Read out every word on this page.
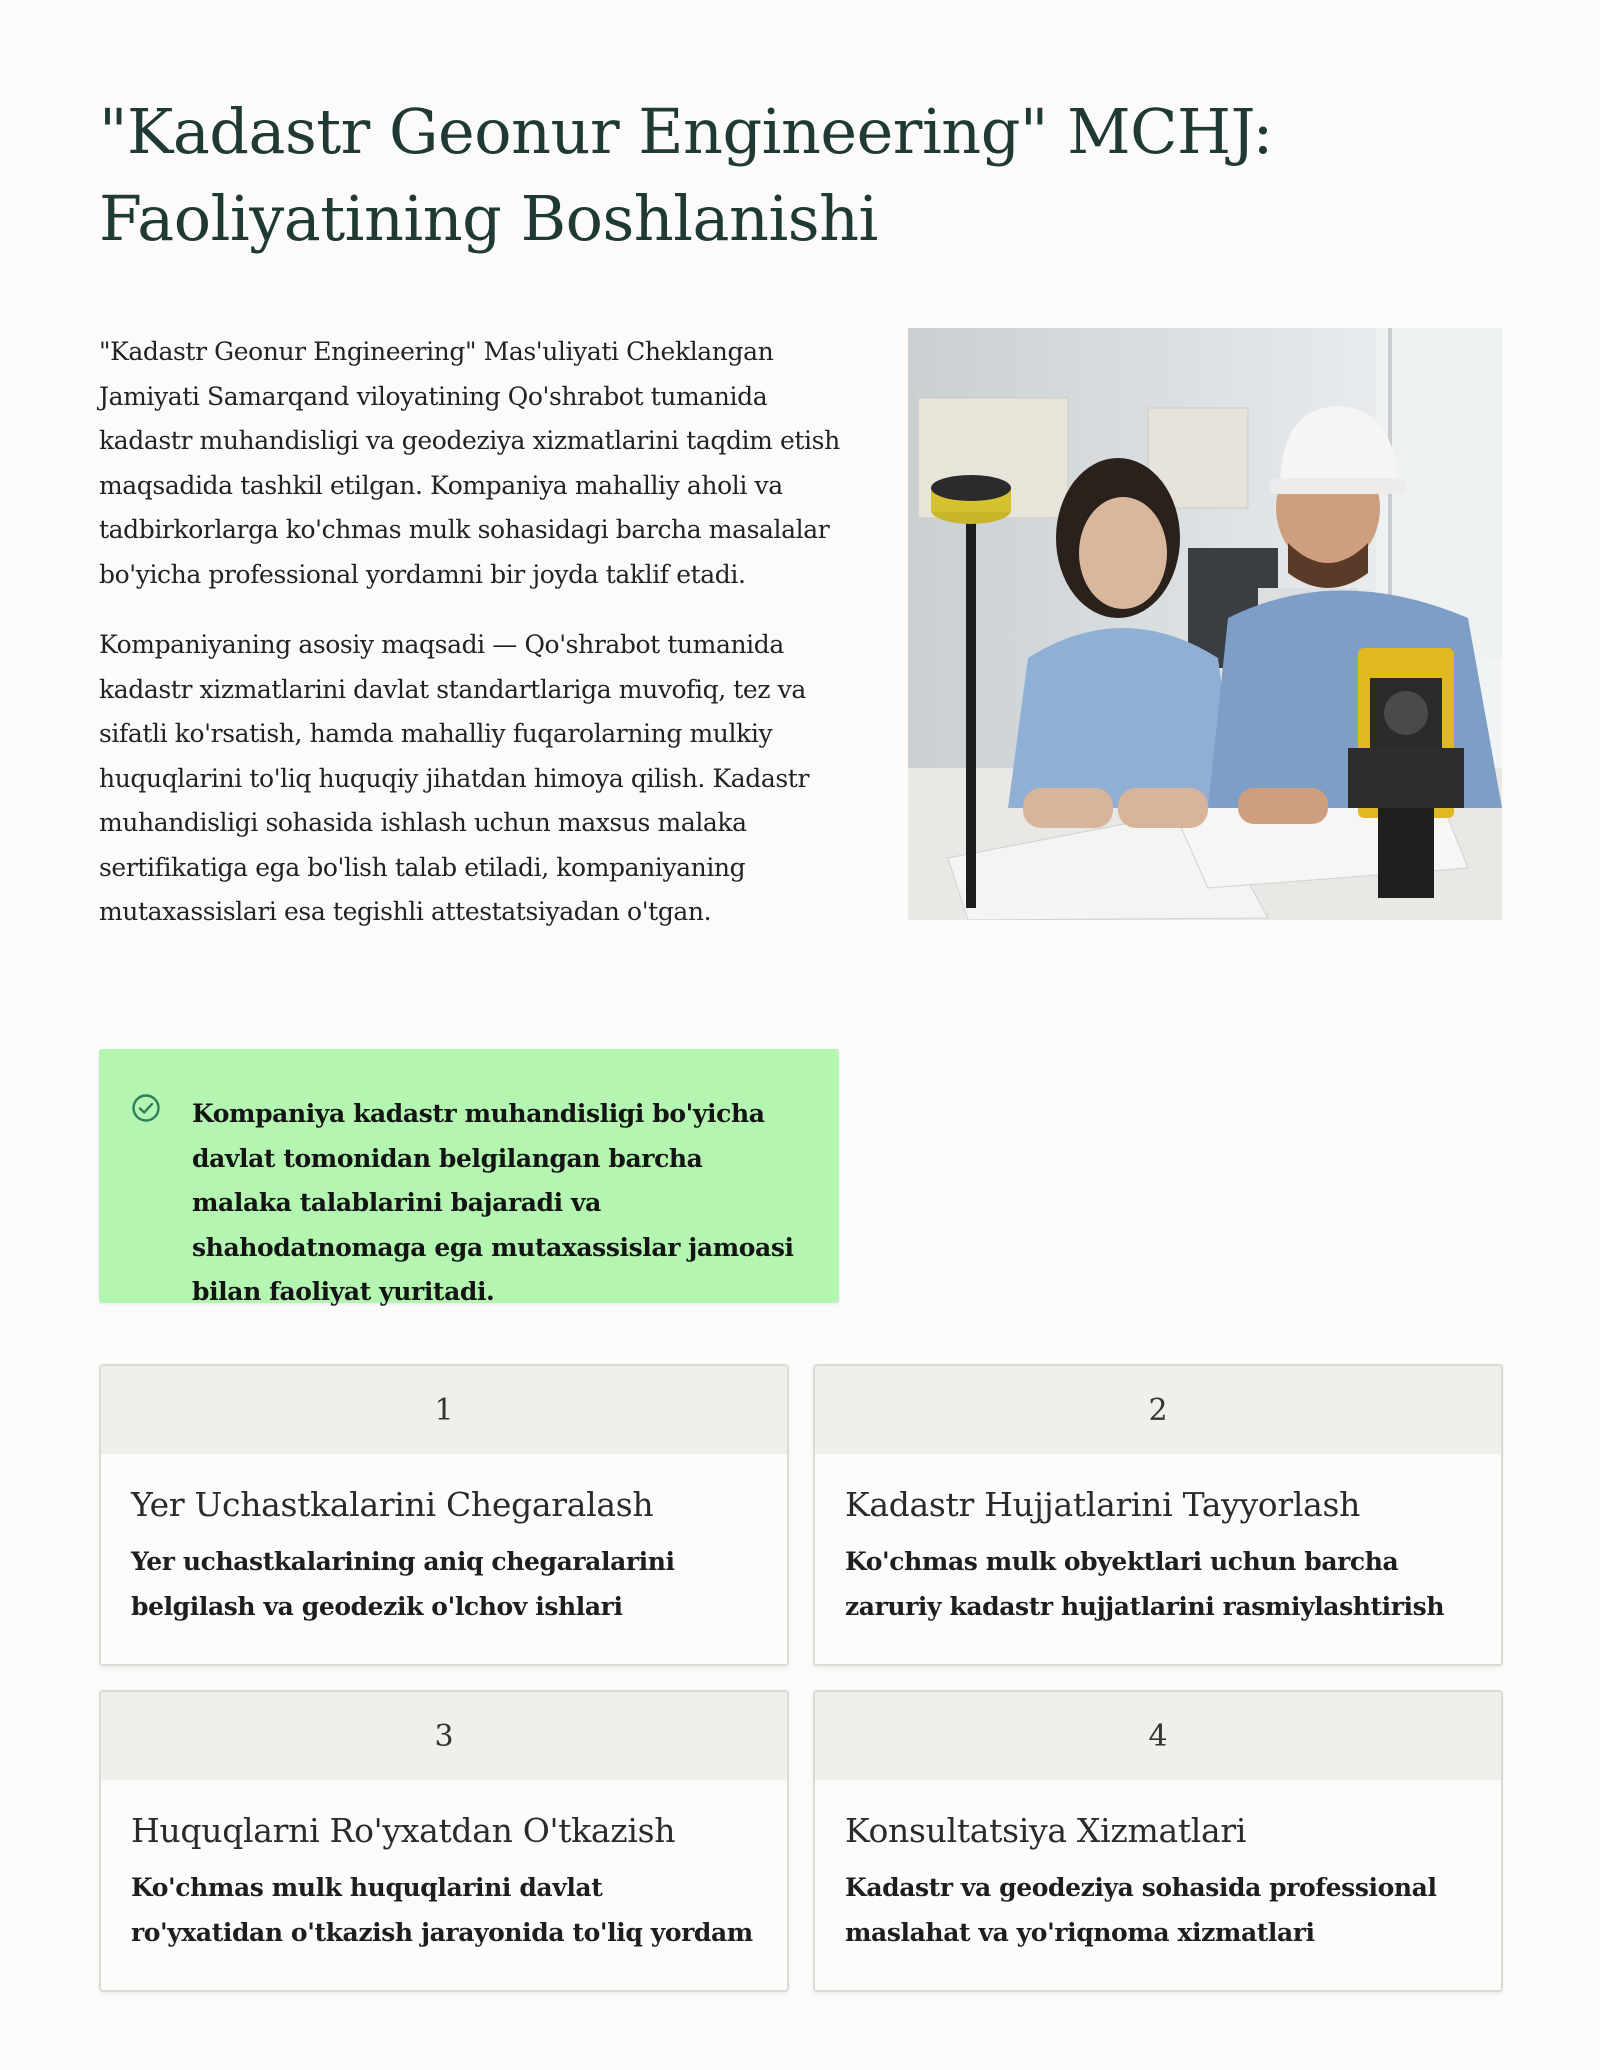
"Kadastr Geonur Engineering" MCHJ: Faoliyatining Boshlanishi

"Kadastr Geonur Engineering" Mas'uliyati Cheklangan Jamiyati Samarqand viloyatining Qo'shrabot tumanida kadastr muhandisligi va geodeziya xizmatlarini taqdim etish maqsadida tashkil etilgan. Kompaniya mahalliy aholi va tadbirkorlarga ko'chmas mulk sohasidagi barcha masalalar bo'yicha professional yordamni bir joyda taklif etadi.

Kompaniyaning asosiy maqsadi — Qo'shrabot tumanida kadastr xizmatlarini davlat standartlariga muvofiq, tez va sifatli ko'rsatish, hamda mahalliy fuqarolarning mulkiy huquqlarini to'liq huquqiy jihatdan himoya qilish. Kadastr muhandisligi sohasida ishlash uchun maxsus malaka sertifikatiga ega bo'lish talab etiladi, kompaniyaning mutaxassislari esa tegishli attestatsiyadan o'tgan.

Kompaniya kadastr muhandisligi bo'yicha davlat tomonidan belgilangan barcha malaka talablarini bajaradi va shahodatnomaga ega mutaxassislar jamoasi bilan faoliyat yuritadi.

1
Yer Uchastkalarini Chegaralash

Yer uchastkalarining aniq chegaralarini belgilash va geodezik o'lchov ishlari

2
Kadastr Hujjatlarini Tayyorlash

Ko'chmas mulk obyektlari uchun barcha zaruriy kadastr hujjatlarini rasmiylashtirish

3
Huquqlarni Ro'yxatdan O'tkazish

Ko'chmas mulk huquqlarini davlat ro'yxatidan o'tkazish jarayonida to'liq yordam

4
Konsultatsiya Xizmatlari

Kadastr va geodeziya sohasida professional maslahat va yo'riqnoma xizmatlari
